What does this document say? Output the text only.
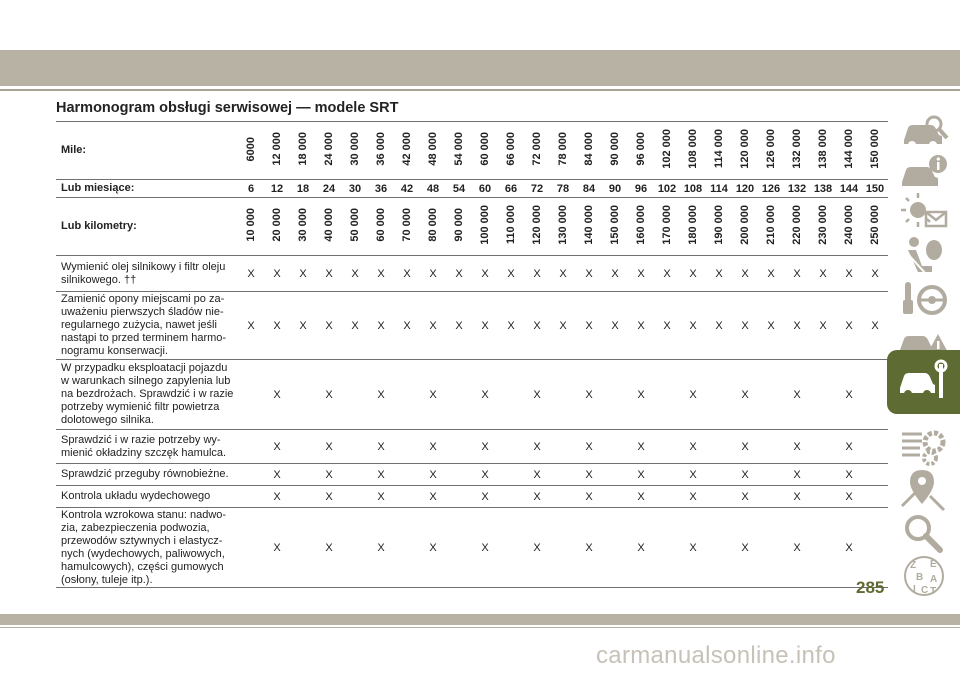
Harmonogram obsługi serwisowej — modele SRT
Mile:	6000	12 000	18 000	24 000	30 000	36 000	42 000	48 000	54 000	60 000	66 000	72 000	78 000	84 000	90 000	96 000	102 000	108 000	114 000	120 000	126 000	132 000	138 000	144 000	150 000
Lub miesiące:	6	12	18	24	30	36	42	48	54	60	66	72	78	84	90	96	102	108	114	120	126	132	138	144	150
Lub kilometry:	10 000	20 000	30 000	40 000	50 000	60 000	70 000	80 000	90 000	100 000	110 000	120 000	130 000	140 000	150 000	160 000	170 000	180 000	190 000	200 000	210 000	220 000	230 000	240 000	250 000
Wymienić olej silnikowy i filtr oleju silnikowego. ††	X	X	X	X	X	X	X	X	X	X	X	X	X	X	X	X	X	X	X	X	X	X	X	X	X
Zamienić opony miejscami po za-uważeniu pierwszych śladów nie-regularnego zużycia, nawet jeśli nastąpi to przed terminem harmo-nogramu konserwacji.	X	X	X	X	X	X	X	X	X	X	X	X	X	X	X	X	X	X	X	X	X	X	X	X	X
W przypadku eksploatacji pojazdu w warunkach silnego zapylenia lub na bezdrożach. Sprawdzić i w razie potrzeby wymienić filtr powietrza dolotowego silnika.		X		X		X		X		X		X		X		X		X		X		X		X	
Sprawdzić i w razie potrzeby wy-mienić okładziny szczęk hamulca.		X		X		X		X		X		X		X		X		X		X		X		X	
Sprawdzić przeguby równobieżne.		X		X		X		X		X		X		X		X		X		X		X		X	
Kontrola układu wydechowego		X		X		X		X		X		X		X		X		X		X		X		X	
Kontrola wzrokowa stanu: nadwo-zia, zabezpieczenia podwozia, przewodów sztywnych i elastycz-nych (wydechowych, paliwowych, hamulcowych), części gumowych (osłony, tuleje itp.).		X		X		X		X		X		X		X		X		X		X		X		X	
Z E
B A
I C T
285
carmanualsonline.info
